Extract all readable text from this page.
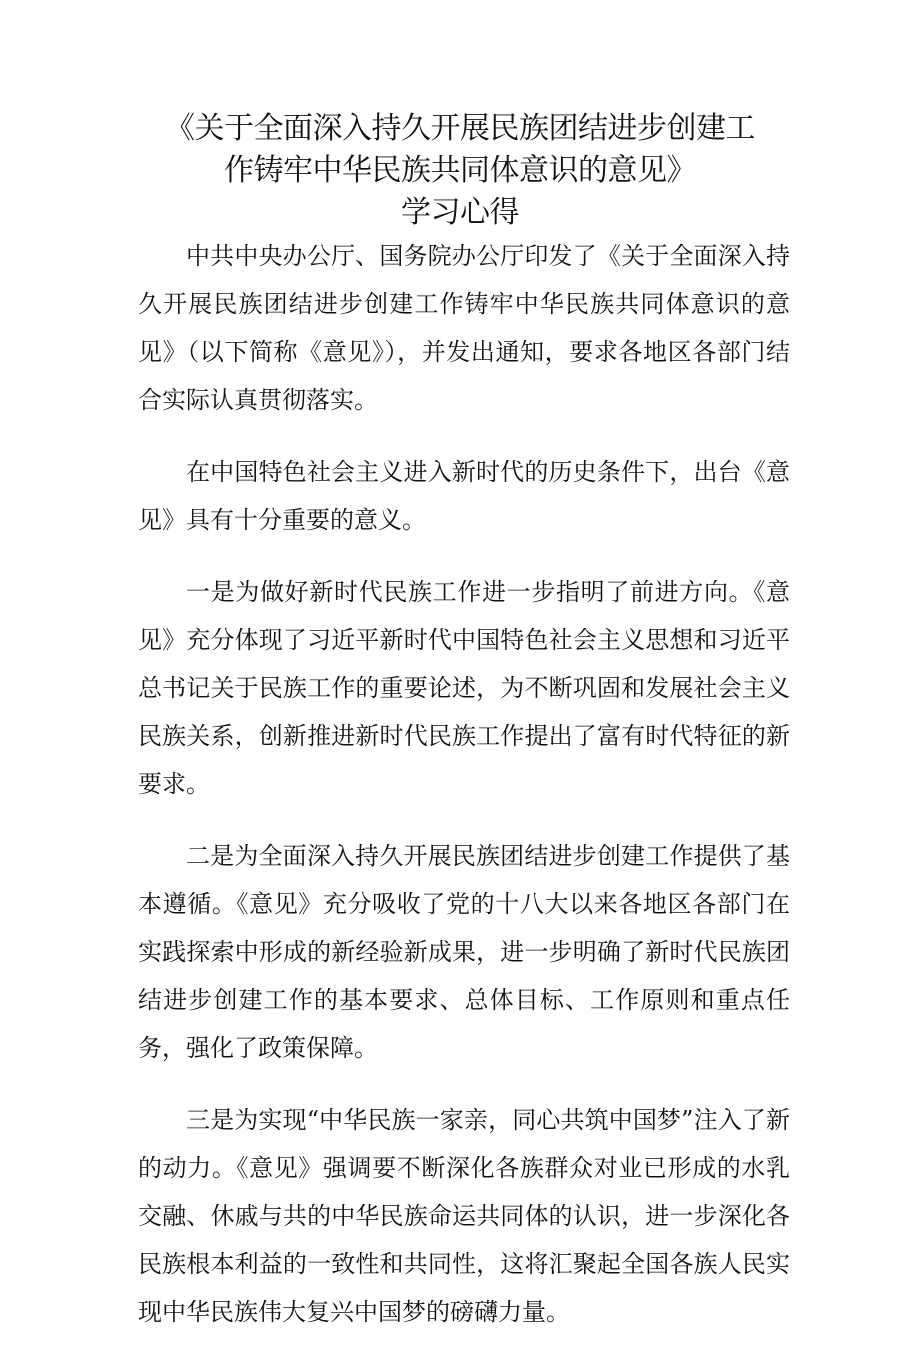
《关于全面深入持久开展民族团结进步创建工
作铸牢中华民族共同体意识的意见》
学习心得

中共中央办公厅、国务院办公厅印发了《关于全面深入持久开展民族团结进步创建工作铸牢中华民族共同体意识的意见》（以下简称《意见》），并发出通知，要求各地区各部门结合实际认真贯彻落实。

在中国特色社会主义进入新时代的历史条件下，出台《意见》具有十分重要的意义。

一是为做好新时代民族工作进一步指明了前进方向。《意见》充分体现了习近平新时代中国特色社会主义思想和习近平总书记关于民族工作的重要论述，为不断巩固和发展社会主义民族关系，创新推进新时代民族工作提出了富有时代特征的新要求。

二是为全面深入持久开展民族团结进步创建工作提供了基本遵循。《意见》充分吸收了党的十八大以来各地区各部门在实践探索中形成的新经验新成果，进一步明确了新时代民族团结进步创建工作的基本要求、总体目标、工作原则和重点任务，强化了政策保障。

三是为实现“中华民族一家亲，同心共筑中国梦”注入了新的动力。《意见》强调要不断深化各族群众对业已形成的水乳交融、休戚与共的中华民族命运共同体的认识，进一步深化各民族根本利益的一致性和共同性，这将汇聚起全国各族人民实现中华民族伟大复兴中国梦的磅礴力量。
